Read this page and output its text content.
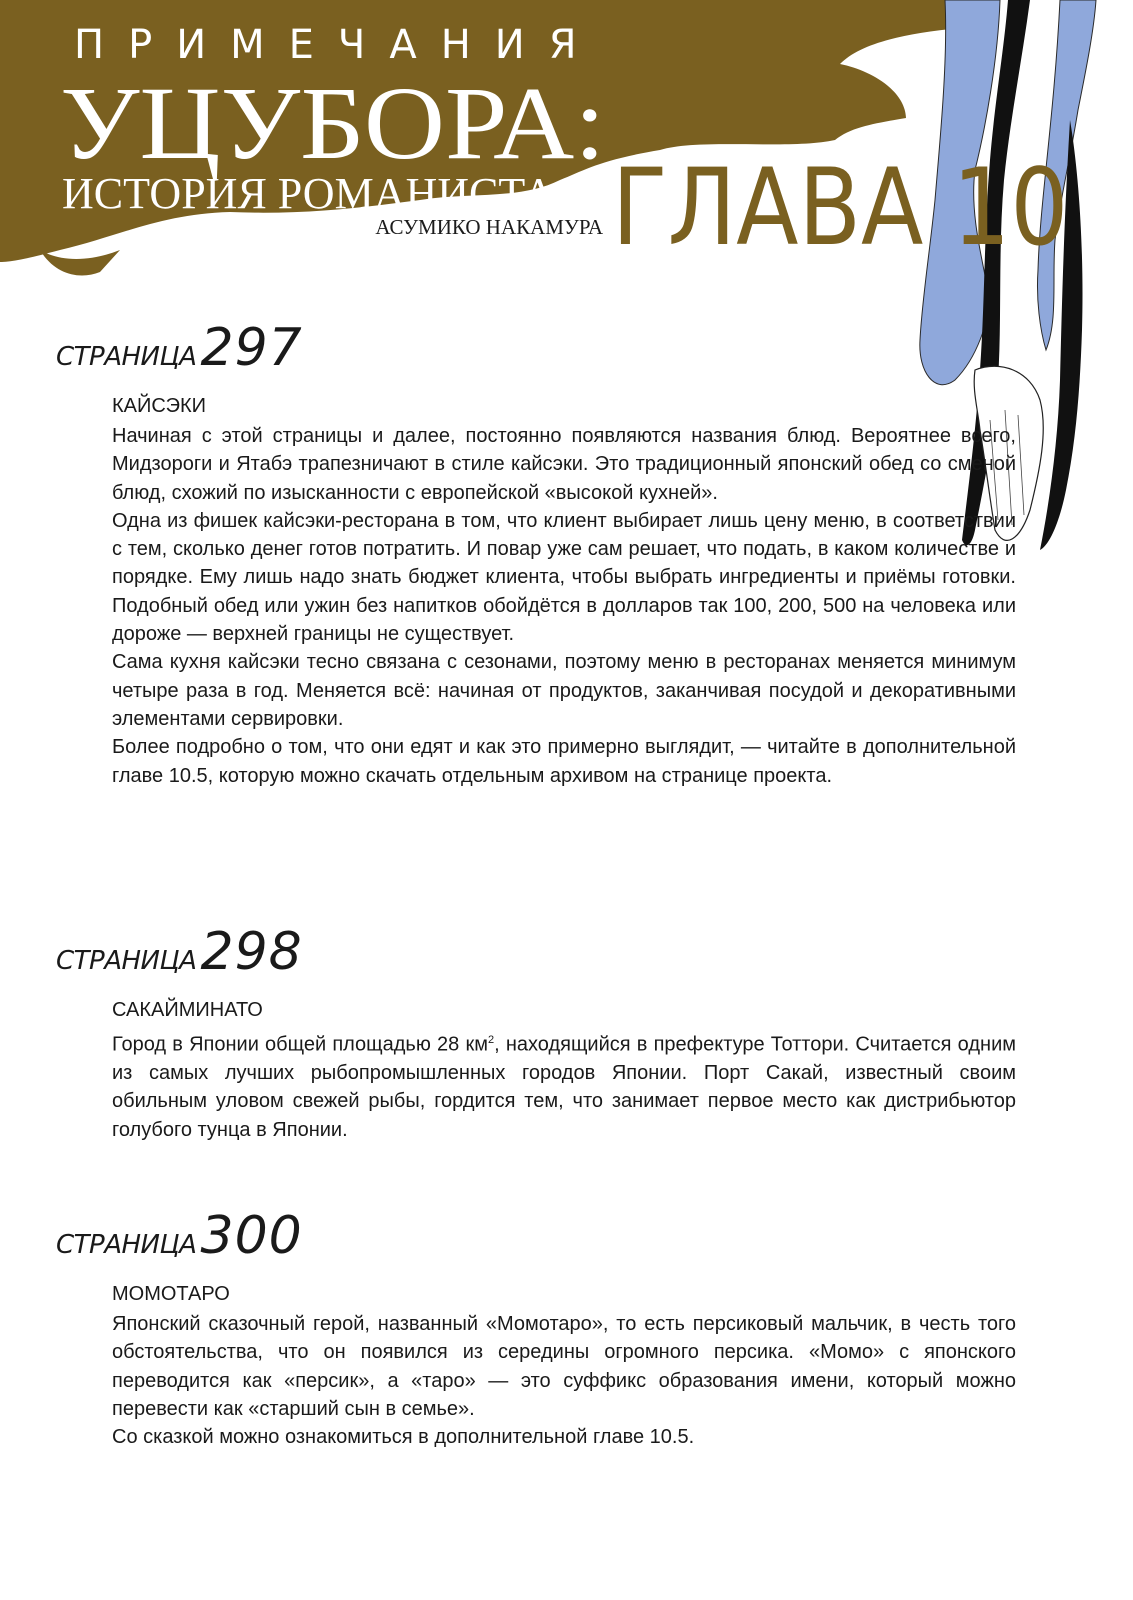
ПРИМЕЧАНИЯ
УЦУБОРА:
ИСТОРИЯ РОМАНИСТА
АСУМИКО НАКАМУРА ГЛАВА 10
СТРАНИЦА297
КАЙСЭКИ

Начиная с этой страницы и далее, постоянно появляются названия блюд. Вероятнее всего, Мидзороги и Ятабэ трапезничают в стиле кайсэки. Это традиционный японский обед со сменой блюд, схожий по изысканности с европейской «высокой кухней».

Одна из фишек кайсэки-ресторана в том, что клиент выбирает лишь цену меню, в соответствии с тем, сколько денег готов потратить. И повар уже сам решает, что подать, в каком количестве и порядке. Ему лишь надо знать бюджет клиента, чтобы выбрать ингредиенты и приёмы готовки. Подобный обед или ужин без напитков обойдётся в долларов так 100, 200, 500 на человека или дороже — верхней границы не существует.

Сама кухня кайсэки тесно связана с сезонами, поэтому меню в ресторанах меняется минимум четыре раза в год. Меняется всё: начиная от продуктов, заканчивая посудой и декоративными элементами сервировки.

Более подробно о том, что они едят и как это примерно выглядит, — читайте в дополнительной главе 10.5, которую можно скачать отдельным архивом на странице проекта.

СТРАНИЦА298
САКАЙМИНАТО

Город в Японии общей площадью 28 $км^2$, находящийся в префектуре Тоттори. Считается одним из самых лучших рыбопромышленных городов Японии. Порт Сакай, известный своим обильным уловом свежей рыбы, гордится тем, что занимает первое место как дистрибьютор голубого тунца в Японии.

СТРАНИЦА300
МОМОТАРО

Японский сказочный герой, названный «Момотаро», то есть персиковый мальчик, в честь того обстоятельства, что он появился из середины огромного персика. «Момо» с японского переводится как «персик», а «таро» — это суффикс образования имени, который можно перевести как «старший сын в семье».

Со сказкой можно ознакомиться в дополнительной главе 10.5.
